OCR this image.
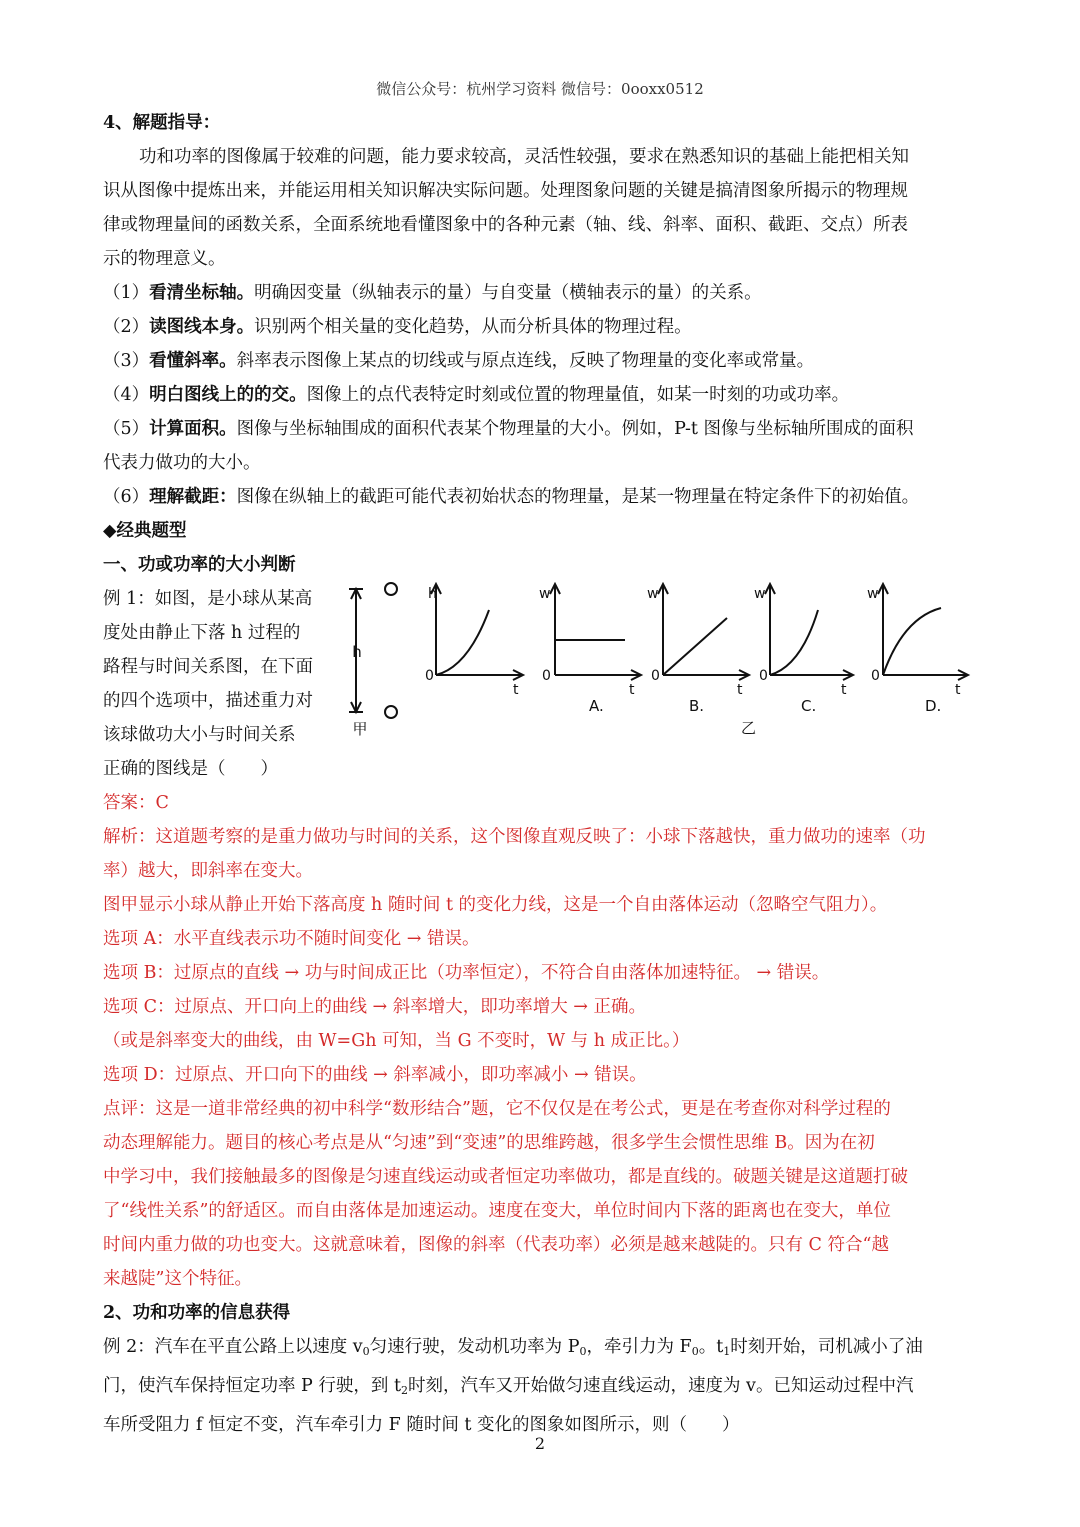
微信公众号：杭州学习资料 微信号：0ooxx0512
4、解题指导：
功和功率的图像属于较难的问题，能力要求较高，灵活性较强，要求在熟悉知识的基础上能把相关知
识从图像中提炼出来，并能运用相关知识解决实际问题。处理图象问题的关键是搞清图象所揭示的物理规
律或物理量间的函数关系，全面系统地看懂图象中的各种元素（轴、线、斜率、面积、截距、交点）所表
示的物理意义。
（1）看清坐标轴。明确因变量（纵轴表示的量）与自变量（横轴表示的量）的关系。
（2）读图线本身。识别两个相关量的变化趋势，从而分析具体的物理过程。
（3）看懂斜率。斜率表示图像上某点的切线或与原点连线，反映了物理量的变化率或常量。
（4）明白图线上的的交。图像上的点代表特定时刻或位置的物理量值，如某一时刻的功或功率。
（5）计算面积。图像与坐标轴围成的面积代表某个物理量的大小。例如，P-t 图像与坐标轴所围成的面积
代表力做功的大小。
（6）理解截距：图像在纵轴上的截距可能代表初始状态的物理量，是某一物理量在特定条件下的初始值。
◆经典题型
一、功或功率的大小判断
例 1：如图，是小球从某高
度处由静止下落 h 过程的
路程与时间关系图，在下面
的四个选项中，描述重力对
该球做功大小与时间关系
正确的图线是（　　）
h
甲
h
0
t
w
0
t
A.
w
0
t
B.
w
0
t
C.
w
0
t
D.
乙
答案：C
解析：这道题考察的是重力做功与时间的关系，这个图像直观反映了：小球下落越快，重力做功的速率（功
率）越大，即斜率在变大。
图甲显示小球从静止开始下落高度 h 随时间 t 的变化力线，这是一个自由落体运动（忽略空气阻力）。
选项 A：水平直线表示功不随时间变化 → 错误。
选项 B：过原点的直线 → 功与时间成正比（功率恒定），不符合自由落体加速特征。 → 错误。
选项 C：过原点、开口向上的曲线 → 斜率增大，即功率增大 → 正确。
（或是斜率变大的曲线，由 W=Gh 可知，当 G 不变时，W 与 h 成正比。）
选项 D：过原点、开口向下的曲线 → 斜率减小，即功率减小 → 错误。
点评：这是一道非常经典的初中科学“数形结合”题，它不仅仅是在考公式，更是在考查你对科学过程的
动态理解能力。题目的核心考点是从“匀速”到“变速”的思维跨越，很多学生会惯性思维 B。因为在初
中学习中，我们接触最多的图像是匀速直线运动或者恒定功率做功，都是直线的。破题关键是这道题打破
了“线性关系”的舒适区。而自由落体是加速运动。速度在变大，单位时间内下落的距离也在变大，单位
时间内重力做的功也变大。这就意味着，图像的斜率（代表功率）必须是越来越陡的。只有 C 符合“越
来越陡”这个特征。
2、功和功率的信息获得
例 2：汽车在平直公路上以速度 $v_0$匀速行驶，发动机功率为 $P_0$，牵引力为 $F_0$。$t_1$时刻开始，司机减小了油
门，使汽车保持恒定功率 P 行驶，到 $t_2$时刻，汽车又开始做匀速直线运动，速度为 v。已知运动过程中汽
车所受阻力 f 恒定不变，汽车牵引力 F 随时间 t 变化的图象如图所示，则（　　）
2
